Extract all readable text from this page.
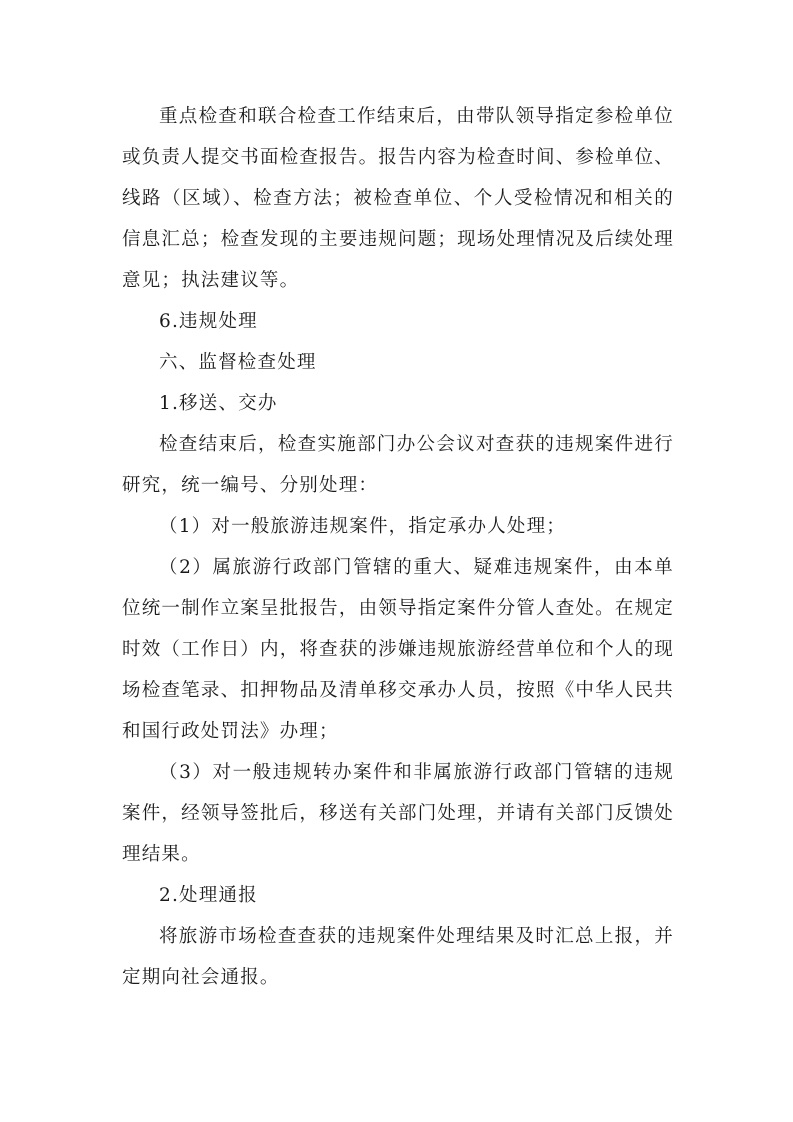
重点检查和联合检查工作结束后，由带队领导指定参检单位或负责人提交书面检查报告。报告内容为检查时间、参检单位、线路（区域）、检查方法；被检查单位、个人受检情况和相关的信息汇总；检查发现的主要违规问题；现场处理情况及后续处理意见；执法建议等。

6.违规处理

六、监督检查处理

1.移送、交办

检查结束后，检查实施部门办公会议对查获的违规案件进行研究，统一编号、分别处理：

（1）对一般旅游违规案件，指定承办人处理；

（2）属旅游行政部门管辖的重大、疑难违规案件，由本单位统一制作立案呈批报告，由领导指定案件分管人查处。在规定时效（工作日）内，将查获的涉嫌违规旅游经营单位和个人的现场检查笔录、扣押物品及清单移交承办人员，按照《中华人民共和国行政处罚法》办理；

（3）对一般违规转办案件和非属旅游行政部门管辖的违规案件，经领导签批后，移送有关部门处理，并请有关部门反馈处理结果。

2.处理通报

将旅游市场检查查获的违规案件处理结果及时汇总上报，并定期向社会通报。
